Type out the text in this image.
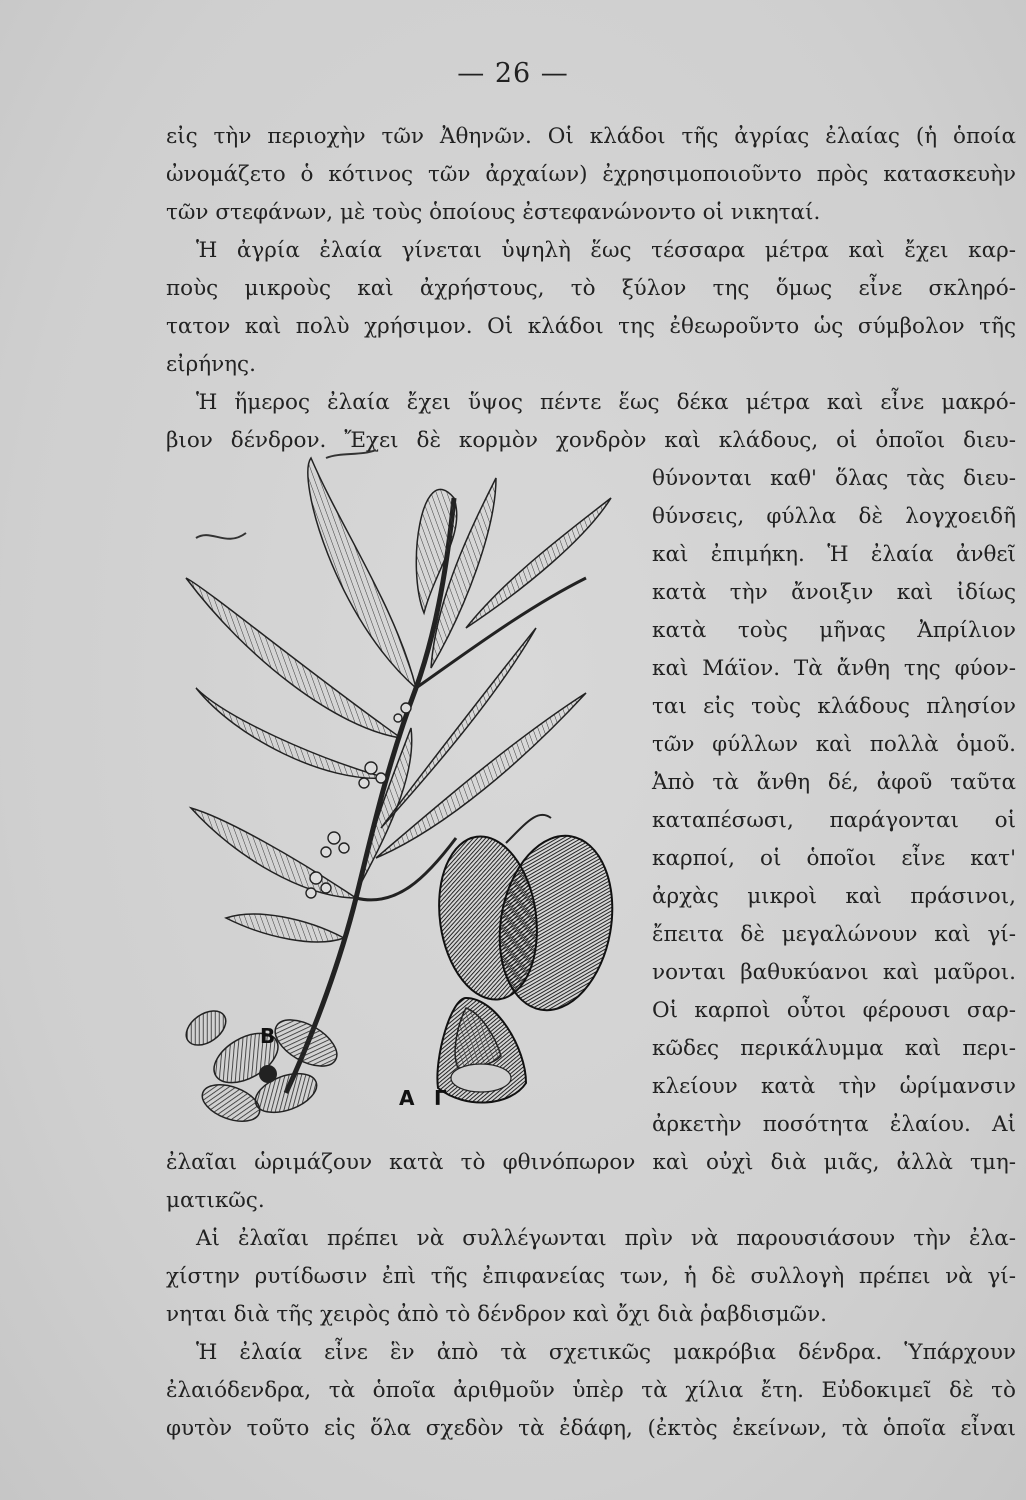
— 26 —
εἰς τὴν περιοχὴν τῶν Ἀθηνῶν. Οἱ κλάδοι τῆς ἀγρίας ἐλαίας (ἡ ὁποία
ὠνομάζετο ὁ κότινος τῶν ἀρχαίων) ἐχρησιμοποιοῦντο πρὸς κατασκευὴν
τῶν στεφάνων, μὲ τοὺς ὁποίους ἐστεφανώνοντο οἱ νικηταί.
Ἡ ἀγρία ἐλαία γίνεται ὑψηλὴ ἕως τέσσαρα μέτρα καὶ ἔχει καρ-
ποὺς μικροὺς καὶ ἀχρήστους, τὸ ξύλον της ὅμως εἶνε σκληρό-
τατον καὶ πολὺ χρήσιμον. Οἱ κλάδοι της ἐθεωροῦντο ὡς σύμβολον τῆς
εἰρήνης.
Ἡ ἥμερος ἐλαία ἔχει ὕψος πέντε ἕως δέκα μέτρα καὶ εἶνε μακρό-
βιον δένδρον. Ἔχει δὲ κορμὸν χονδρὸν καὶ κλάδους, οἱ ὁποῖοι διευ-
θύνονται καθ' ὅλας τὰς διευ-
θύνσεις, φύλλα δὲ λογχοειδῆ
καὶ ἐπιμήκη. Ἡ ἐλαία ἀνθεῖ
κατὰ τὴν ἄνοιξιν καὶ ἰδίως
κατὰ τοὺς μῆνας Ἀπρίλιον
καὶ Μάϊον. Τὰ ἄνθη της φύον-
ται εἰς τοὺς κλάδους πλησίον
τῶν φύλλων καὶ πολλὰ ὁμοῦ.
Ἀπὸ τὰ ἄνθη δέ, ἀφοῦ ταῦτα
καταπέσωσι, παράγονται οἱ
καρποί, οἱ ὁποῖοι εἶνε κατ'
ἀρχὰς μικροὶ καὶ πράσινοι,
ἔπειτα δὲ μεγαλώνουν καὶ γί-
νονται βαθυκύανοι καὶ μαῦροι.
Οἱ καρποὶ οὗτοι φέρουσι σαρ-
κῶδες περικάλυμμα καὶ περι-
κλείουν κατὰ τὴν ὡρίμανσιν
ἀρκετὴν ποσότητα ἐλαίου. Αἱ
Β
Α Γ
ἐλαῖαι ὡριμάζουν κατὰ τὸ φθινόπωρον καὶ οὐχὶ διὰ μιᾶς, ἀλλὰ τμη-
ματικῶς.
Αἱ ἐλαῖαι πρέπει νὰ συλλέγωνται πρὶν νὰ παρουσιάσουν τὴν ἐλα-
χίστην ρυτίδωσιν ἐπὶ τῆς ἐπιφανείας των, ἡ δὲ συλλογὴ πρέπει νὰ γί-
νηται διὰ τῆς χειρὸς ἀπὸ τὸ δένδρον καὶ ὄχι διὰ ῥαβδισμῶν.
Ἡ ἐλαία εἶνε ἓν ἀπὸ τὰ σχετικῶς μακρόβια δένδρα. Ὑπάρχουν
ἐλαιόδενδρα, τὰ ὁποῖα ἀριθμοῦν ὑπὲρ τὰ χίλια ἔτη. Εὐδοκιμεῖ δὲ τὸ
φυτὸν τοῦτο εἰς ὅλα σχεδὸν τὰ ἐδάφη, (ἐκτὸς ἐκείνων, τὰ ὁποῖα εἶναι
